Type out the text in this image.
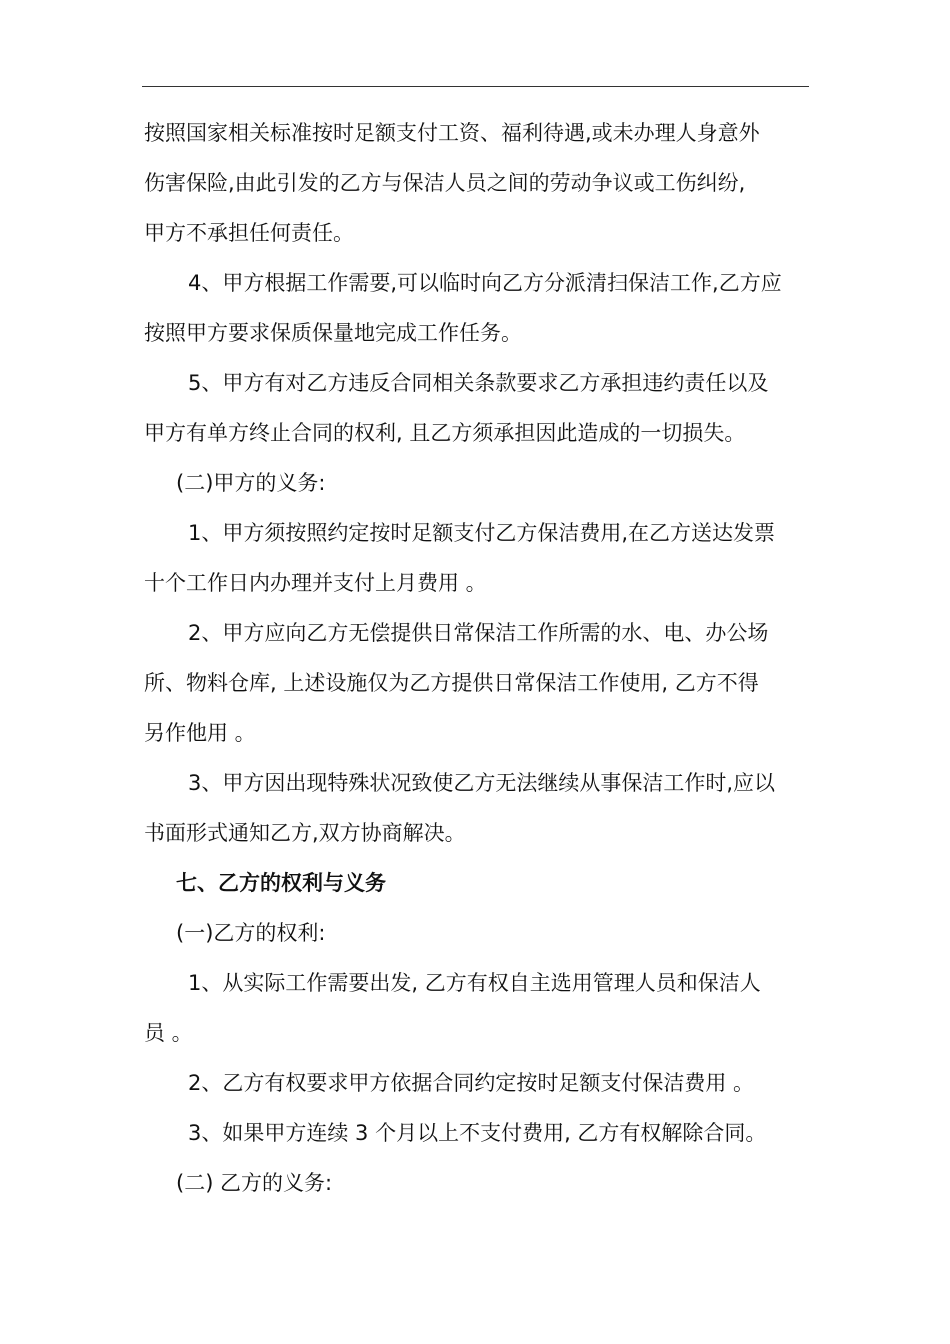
按照国家相关标准按时足额支付工资、福利待遇,或未办理人身意外
伤害保险,由此引发的乙方与保洁人员之间的劳动争议或工伤纠纷,
甲方不承担任何责任。
4、甲方根据工作需要,可以临时向乙方分派清扫保洁工作,乙方应
按照甲方要求保质保量地完成工作任务。
5、甲方有对乙方违反合同相关条款要求乙方承担违约责任以及
甲方有单方终止合同的权利, 且乙方须承担因此造成的一切损失。
(二)甲方的义务:
1、甲方须按照约定按时足额支付乙方保洁费用,在乙方送达发票
十个工作日内办理并支付上月费用 。
2、甲方应向乙方无偿提供日常保洁工作所需的水、电、办公场
所、物料仓库, 上述设施仅为乙方提供日常保洁工作使用, 乙方不得
另作他用 。
3、甲方因出现特殊状况致使乙方无法继续从事保洁工作时,应以
书面形式通知乙方,双方协商解决。
七、乙方的权利与义务
(一)乙方的权利:
1、从实际工作需要出发, 乙方有权自主选用管理人员和保洁人
员 。
2、乙方有权要求甲方依据合同约定按时足额支付保洁费用 。
3、如果甲方连续 3 个月以上不支付费用, 乙方有权解除合同。
(二) 乙方的义务:
